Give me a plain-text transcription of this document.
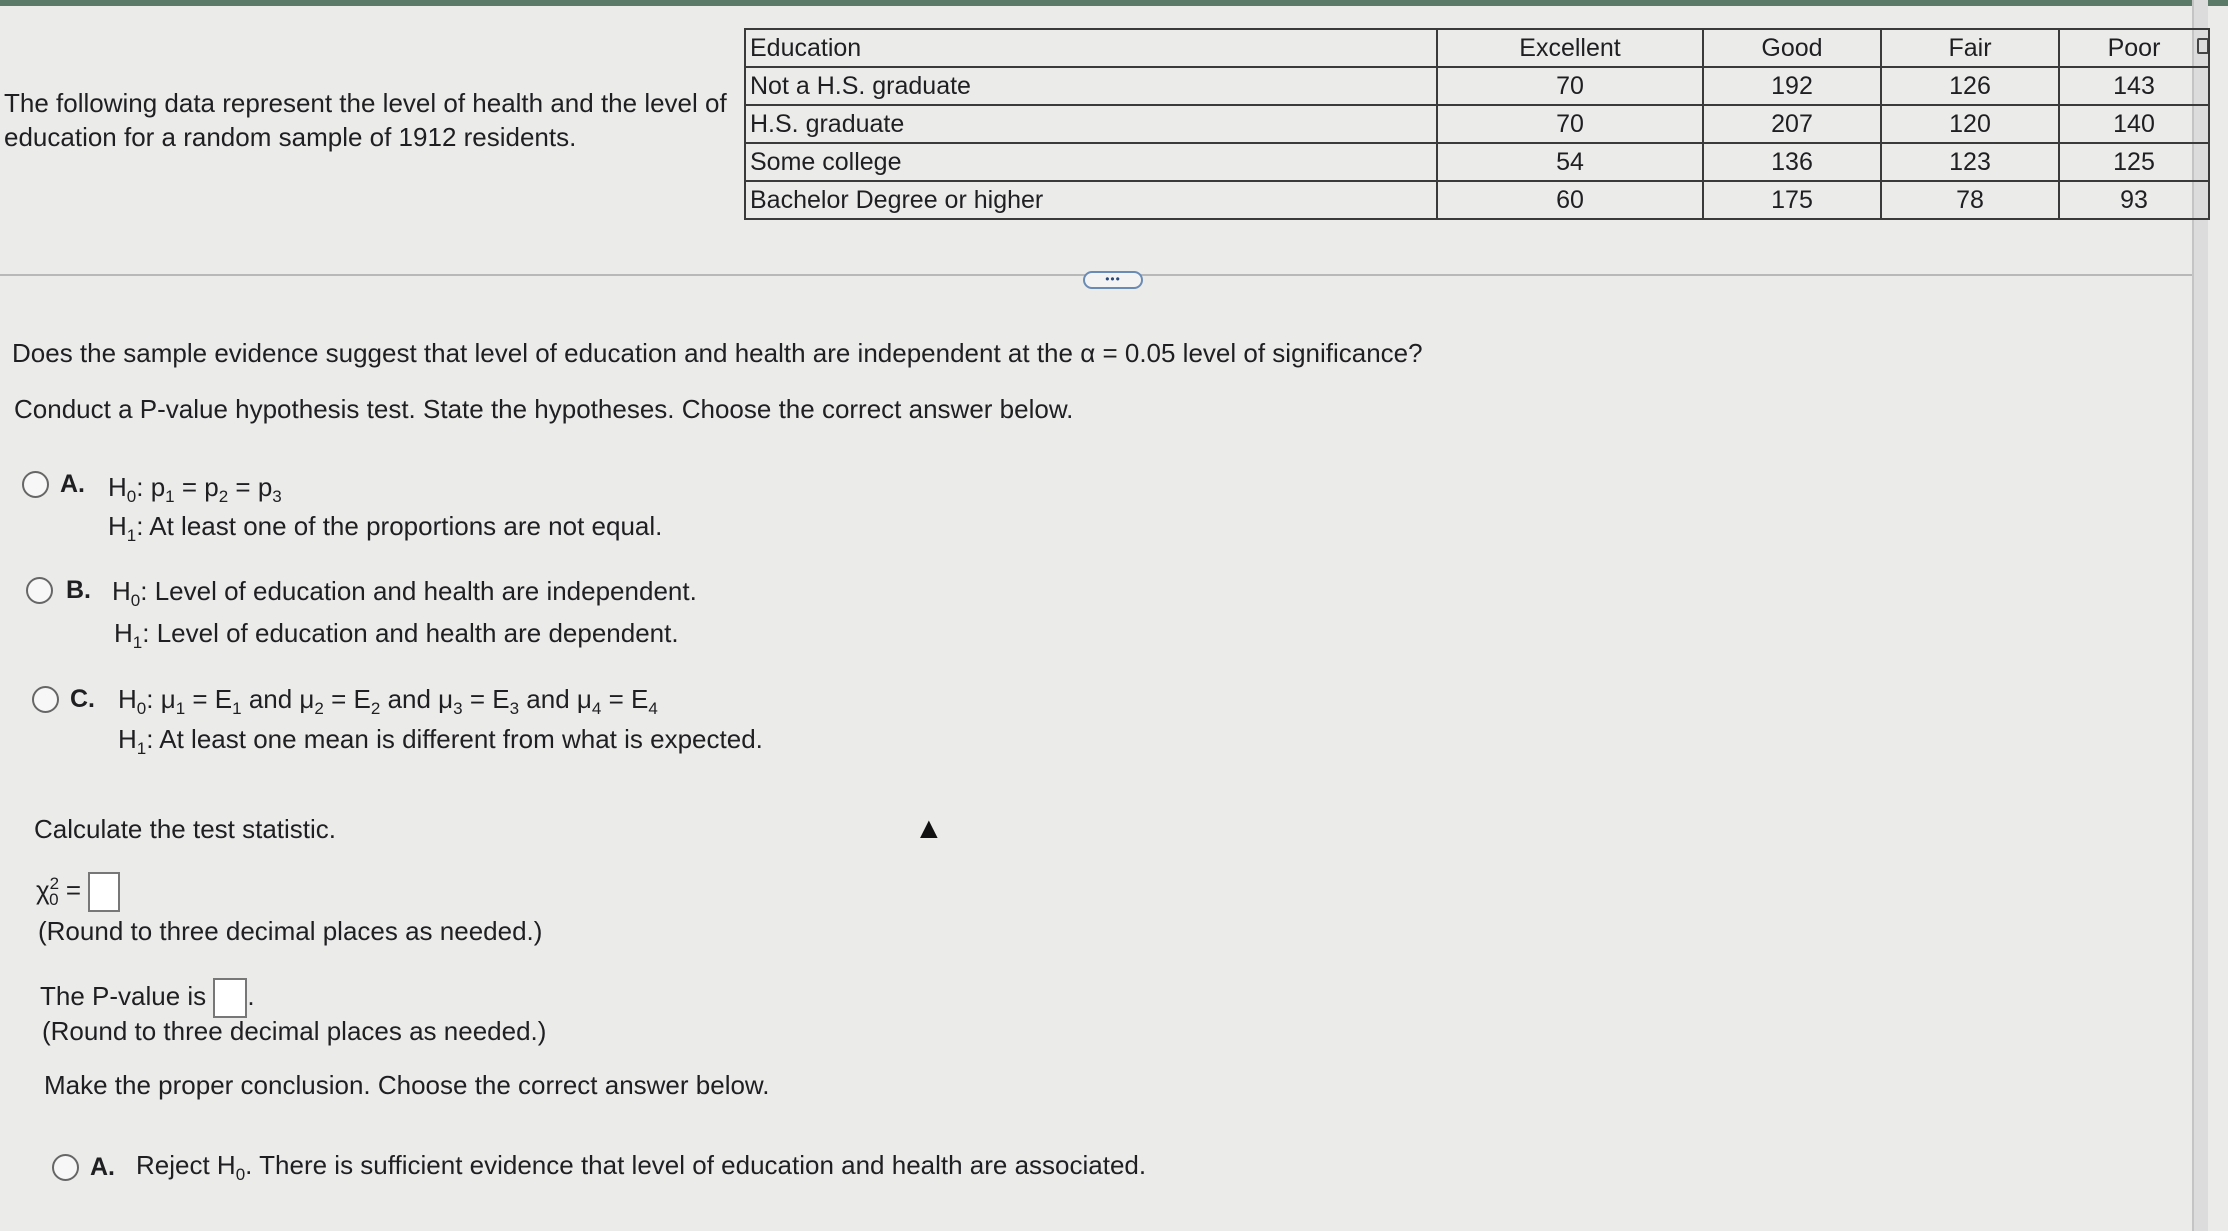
The following data represent the level of health and the level of
education for a random sample of 1912 residents.
Education	Excellent	Good	Fair	Poor
Not a H.S. graduate	70	192	126	143
H.S. graduate	70	207	120	140
Some college	54	136	123	125
Bachelor Degree or higher	60	175	78	93
•••
Does the sample evidence suggest that level of education and health are independent at the α = 0.05 level of significance?
Conduct a P-value hypothesis test. State the hypotheses. Choose the correct answer below.
A. $H_0$: $p_1 = p_2 = p_3$
$H_1$: At least one of the proportions are not equal.
B. $H_0$: Level of education and health are independent.
$H_1$: Level of education and health are dependent.
C. $H_0$: $\mu_1 = E_1$ and $\mu_2 = E_2$ and $\mu_3 = E_3$ and $\mu_4 = E_4$
$H_1$: At least one mean is different from what is expected.
Calculate the test statistic.
$\chi^2_0$ =
(Round to three decimal places as needed.)
The P-value is .
(Round to three decimal places as needed.)
Make the proper conclusion. Choose the correct answer below.
A. Reject $H_0$. There is sufficient evidence that level of education and health are associated.
▲
